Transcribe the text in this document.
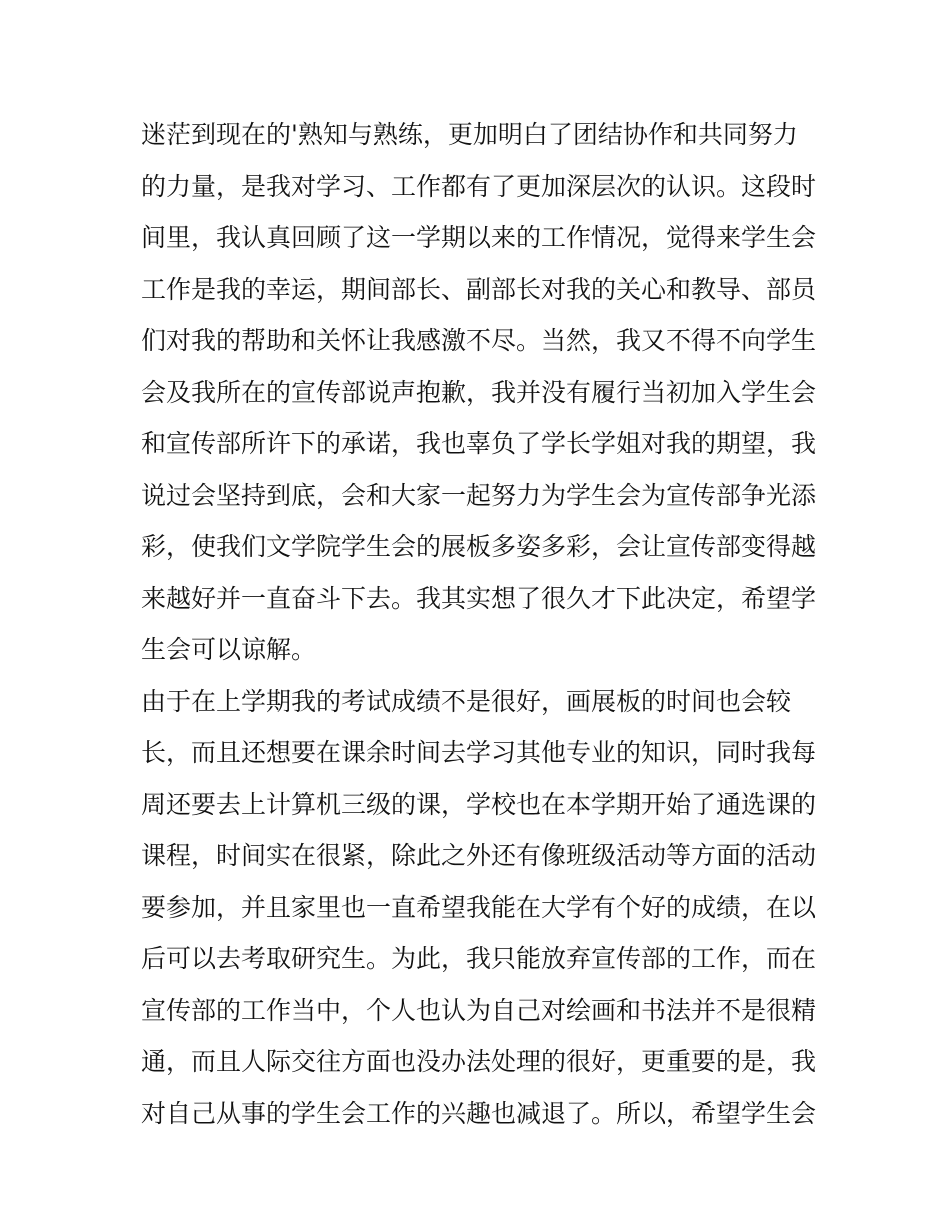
迷茫到现在的'熟知与熟练，更加明白了团结协作和共同努力
的力量，是我对学习、工作都有了更加深层次的认识。这段时
间里，我认真回顾了这一学期以来的工作情况，觉得来学生会
工作是我的幸运，期间部长、副部长对我的关心和教导、部员
们对我的帮助和关怀让我感激不尽。当然，我又不得不向学生
会及我所在的宣传部说声抱歉，我并没有履行当初加入学生会
和宣传部所许下的承诺，我也辜负了学长学姐对我的期望，我
说过会坚持到底，会和大家一起努力为学生会为宣传部争光添
彩，使我们文学院学生会的展板多姿多彩，会让宣传部变得越
来越好并一直奋斗下去。我其实想了很久才下此决定，希望学
生会可以谅解。
由于在上学期我的考试成绩不是很好，画展板的时间也会较
长，而且还想要在课余时间去学习其他专业的知识，同时我每
周还要去上计算机三级的课，学校也在本学期开始了通选课的
课程，时间实在很紧，除此之外还有像班级活动等方面的活动
要参加，并且家里也一直希望我能在大学有个好的成绩，在以
后可以去考取研究生。为此，我只能放弃宣传部的工作，而在
宣传部的工作当中，个人也认为自己对绘画和书法并不是很精
通，而且人际交往方面也没办法处理的很好，更重要的是，我
对自己从事的学生会工作的兴趣也减退了。所以，希望学生会
